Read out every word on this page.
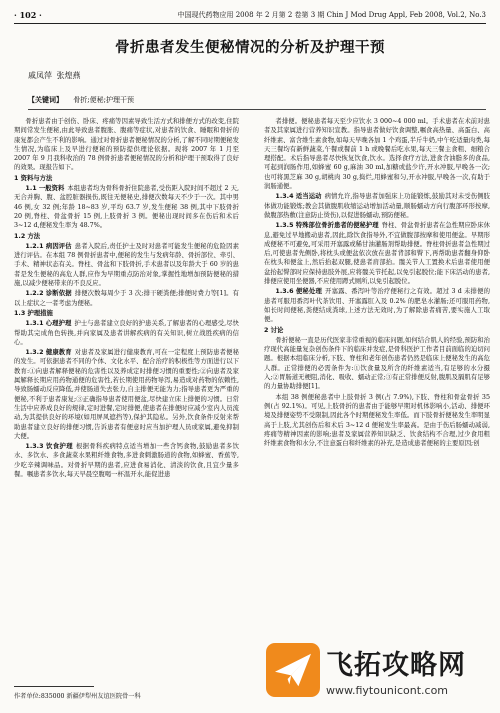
· 102 ·	中国现代药物应用 2008 年 2 月第 2 卷第 3 期 Chin J Mod Drug Appl, Feb 2008, Vol.2, No.3
骨折患者发生便秘情况的分析及护理干预
戚凤萍 张煌燕
【关键词】 骨折;便秘;护理干预

骨折患者由于创伤、卧床、疼痛等因素导致生活方式和排便方式的改变,住院期间常发生便秘,由此导致患者腹胀、腹痛等症状,对患者的饮食、睡眠和骨折的康复都会产生不利的影响。通过对骨折患者便秘情况的分析,了解不同时期便秘发生情况,为临床上及早进行便秘的预防提供理论依据。现将 2007 年 1 月至 2007 年 9 月我科收治的 78 例骨折患者便秘情况的分析和护理干预取得了良好的效果。现报告如下。

1 资料与方法

1.1 一般资料 本组患者均为骨科骨折住院患者,受伤距入院时间不超过 2 天,无合并胸、腹、盆腔脏器损伤,既往无便秘史,排便次数每天不少于一次。其中男 46 例,女 32 例;年龄 18~83 岁,平均 63.7 岁,发生便秘 38 例,其中下肢骨折 20 例,脊柱、骨盆骨折 15 例,上肢骨折 3 例。便秘出现时间多在伤后和术后 3~12 d,便秘发生率为 48.7%。

1.2 方法

1.2.1 病因评估 患者入院后,责任护士及时对患者可能发生便秘的危险因素进行评估。在本组 78 例骨折患者中,便秘的发生与发病年龄、骨折部位、牵引、手术、精神状态有关。脊柱、骨盆和下肢骨折,手术患者以及年龄大于 60 岁的患者是发生便秘的高危人群,应作为早期重点防治对象,掌握性地增加预防便秘的措施,以减少便秘带来的不良反应。

1.2.2 诊断依据 排便次数每周少于 3 次;排干硬粪便;排便时费力等[1]。有以上症状之一者考虑为便秘。

1.3 护理措施

1.3.1 心理护理 护士与患者建立良好的护患关系,了解患者的心理感受,尽快帮助其完成角色转换,并向家属及患者讲解疾病的有关知识,树立战胜疾病的信心。

1.3.2 健康教育 对患者及家属进行健康教育,可在一定程度上预防患者便秘的发生。可依据患者不同的个体、文化水平、配合治疗的积极性等方面进行以下教育:①向患者解释便秘的危害性以及养成定时排便习惯的重要性;②向患者及家属解释长期应用药物通便的危害性,若长期使用药物导泻,易造成对药物的依赖性,导致肠蠕动反应降低,并使肠道失去张力,自主排便无能为力;指导患者更为严重的便秘,不利于患者康复;③正确指导患者使用便盆,尽快建立床上排便的习惯。日常生活中应养成良好的规律,定时进餐,定时排便,使患者在排便时应减少室内人员流动,为其提供良好的环境(如用屏风遮挡等),保护其隐私。另外,饮食条件反射来帮助患者建立良好的排便习惯,告诉患者有便意时应当加护理人员或家属,避免抑制大便。

1.3.3 饮食护理 根据骨科疾病特点适当增加一些含钙食物,鼓励患者多饮水、多饮水、多食蔬菜水果粗纤维食物,多进食刺激肠道的食物,如蜂蜜、香蕉等,少吃辛辣调味品。对骨折早期的患者,应进食易消化、清淡的饮食,且宜少量多餐。嘱患者多饮水,每天早晨空腹喝一杯温开水,能促进患

者排便。便秘患者每天至少应饮水 3 000~4 000 ml。手术患者在术前对患者及其家属进行营养知识宣教。指导患者做好饮食调整,嘱食高热量、高蛋白、高纤维素、富含维生素食物,如每天早晚各加 1 个鸡蛋,半斤牛奶,中午吃适量肉类,每天三餐均有新鲜蔬菜,午餐或餐前 1 h 或晚餐后吃水果,每天三餐主食粗、细粮合理搭配。术后指导患者尽快恢复饮食,饮水。选择食疗方法,进食含油脂多的食品,可起到润肠作用,如蜂蜜 60 g,麻油 30 ml,加糖或盐少许,开水冲服,早晚各一次;也可将黑芝麻 30 g,胡桃肉 30 g,捣烂,用蜂蜜和匀,开水冲服,早晚各一次,有助于润肠通便。

1.3.4 适当运动 病情允许,指导患者加强床上功能锻炼,鼓励其对未受伤侧肢体做功能锻炼;教会其做腹肌收缩运动增加活动量,顺肠蠕动方向行腹部环形按摩,做腹部热敷(注意防止烫伤),以促进肠蠕动,预防便秘。

1.3.5 特殊部位骨折患者的便秘护理 脊柱、骨盆骨折患者在急性期应卧床休息,避免过早地搬动患者,因此,除饮食指导外,不宜做腹部按摩和使用便盆。早期形成便秘不可避免,可采用开塞露或稀甘油灌肠剂帮助排便。脊柱骨折患者急性期过后,可使患者先侧卧,将枕头或便盆依次放在患者背部和臀下,再帮助患者翻身仰卧在枕头和便盆上,然后抬起双腿,使患者肩部抬。髋关节人工置换术后患者使用便盆抬起臀部时应保持患肢外展,应将髋关节托起,以免引起脱位;能下床活动的患者,排便应使用坐便器,不应使用蹲式厕所,以免引起脱位。

1.3.6 便秘处理 开塞露、番泻叶等治疗便秘行之有效。超过 3 d 未排便的患者可服用番泻叶代茶饮用、开塞露肛入及 0.2% 的肥皂水灌肠;还可服用药物,如长时间便秘,粪便结成粪球,上述方法无效时,为了解除患者痛苦,要实施人工取便。

2 讨论

骨折便秘一直是历代医家非常重视的临床问题,如何结合肌人的经验,预防和治疗现代高能量复杂创伤条件下的临床并发症,是骨科医护工作者目前面临的迫切问题。根据本组临床分析,下肢、脊柱和老年创伤患者仍然是临床上便秘发生的高危人群。正常排便的必需条件为:①饮食量及所含的纤维素适当,有足够的水分摄入;②胃肠道无梗阻,消化、吸收、蠕动正常;③有正常排便反射,腹肌及膈肌有足够的力量协助排便[1]。

本组 38 例便秘患者中上肢骨折 3 例(占 7.9%),下肢、脊柱和骨盆骨折 35 例(占 92.1%)。可见,上肢骨折的患者由于能够早期对机体影响小,活动、排便环境及排便姿势不受限制,因此各个时期便秘发生率低。而下肢骨折便秘发生率明显高于上肢,尤其创伤后和术后 3~12 d 便秘发生率最高。是由于伤后肠蠕动减弱,疼痛等精神因素的影响;患者及家属营养知识缺乏、饮食结构不合理,过少食用粗纤维素食物和水分,不注意蛋白和纤维素的补充,是造成患者便秘的主要原因;创

作者单位:835000 新疆伊犁州友谊医院骨一科
飞拓攻略网
www.fiytounicont.com
